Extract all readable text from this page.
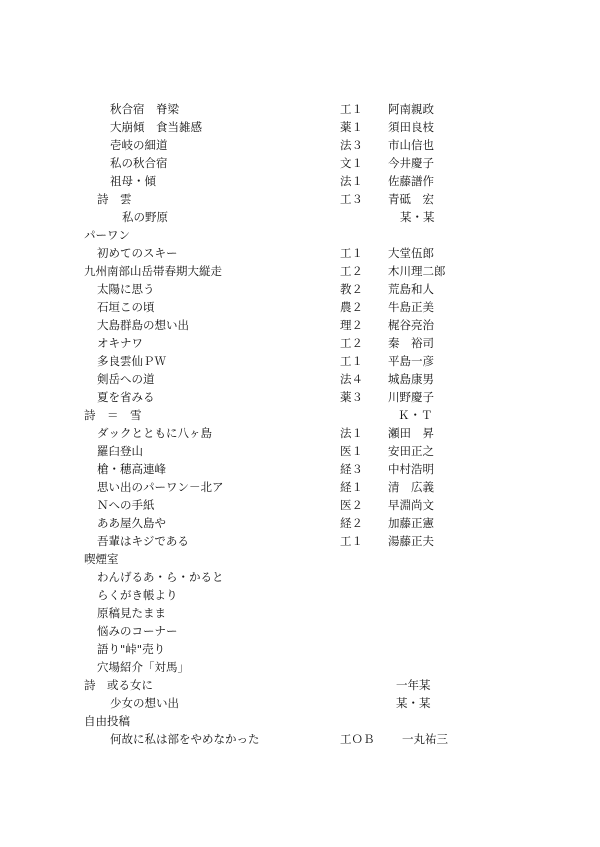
秋合宿　脊梁	工１ 阿南親政
大崩傾　食当雑感	薬１ 須田良枝
壱岐の細道	法３ 市山信也
私の秋合宿	文１ 今井慶子
祖母・傾	法１ 佐藤譜作
詩　雲	工３ 青砥　宏
私の野原	某・某
パーワン
初めてのスキー	工１ 大堂伍郎
九州南部山岳帯春期大縦走	工２ 木川理二郎
太陽に思う	教２ 荒島和人
石垣この頃	農２ 牛島正美
大島群島の想い出	理２ 梶谷亮治
オキナワ	工２ 秦　裕司
多良雲仙ＰＷ	工１ 平島一彦
剣岳への道	法４ 城島康男
夏を省みる	薬３ 川野慶子
詩　＝　雪	Ｋ・Ｔ
ダックとともに八ヶ島	法１ 瀬田　昇
羅臼登山	医１ 安田正之
槍・穂高連峰	経３ 中村浩明
思い出のパーワン－北ア	経１ 清　広義
Ｎへの手紙	医２ 早淵尚文
ああ屋久島や	経２ 加藤正憲
吾輩はキジである	工１ 湯藤正夫
喫煙室
わんげるあ・ら・かると
らくがき帳より
原稿見たまま
悩みのコーナー
語り"峠"売り
穴場紹介「対馬」
詩　或る女に	一年某
少女の想い出	某・某
自由投稿
何故に私は部をやめなかった	工ＯＢ 一丸祐三
